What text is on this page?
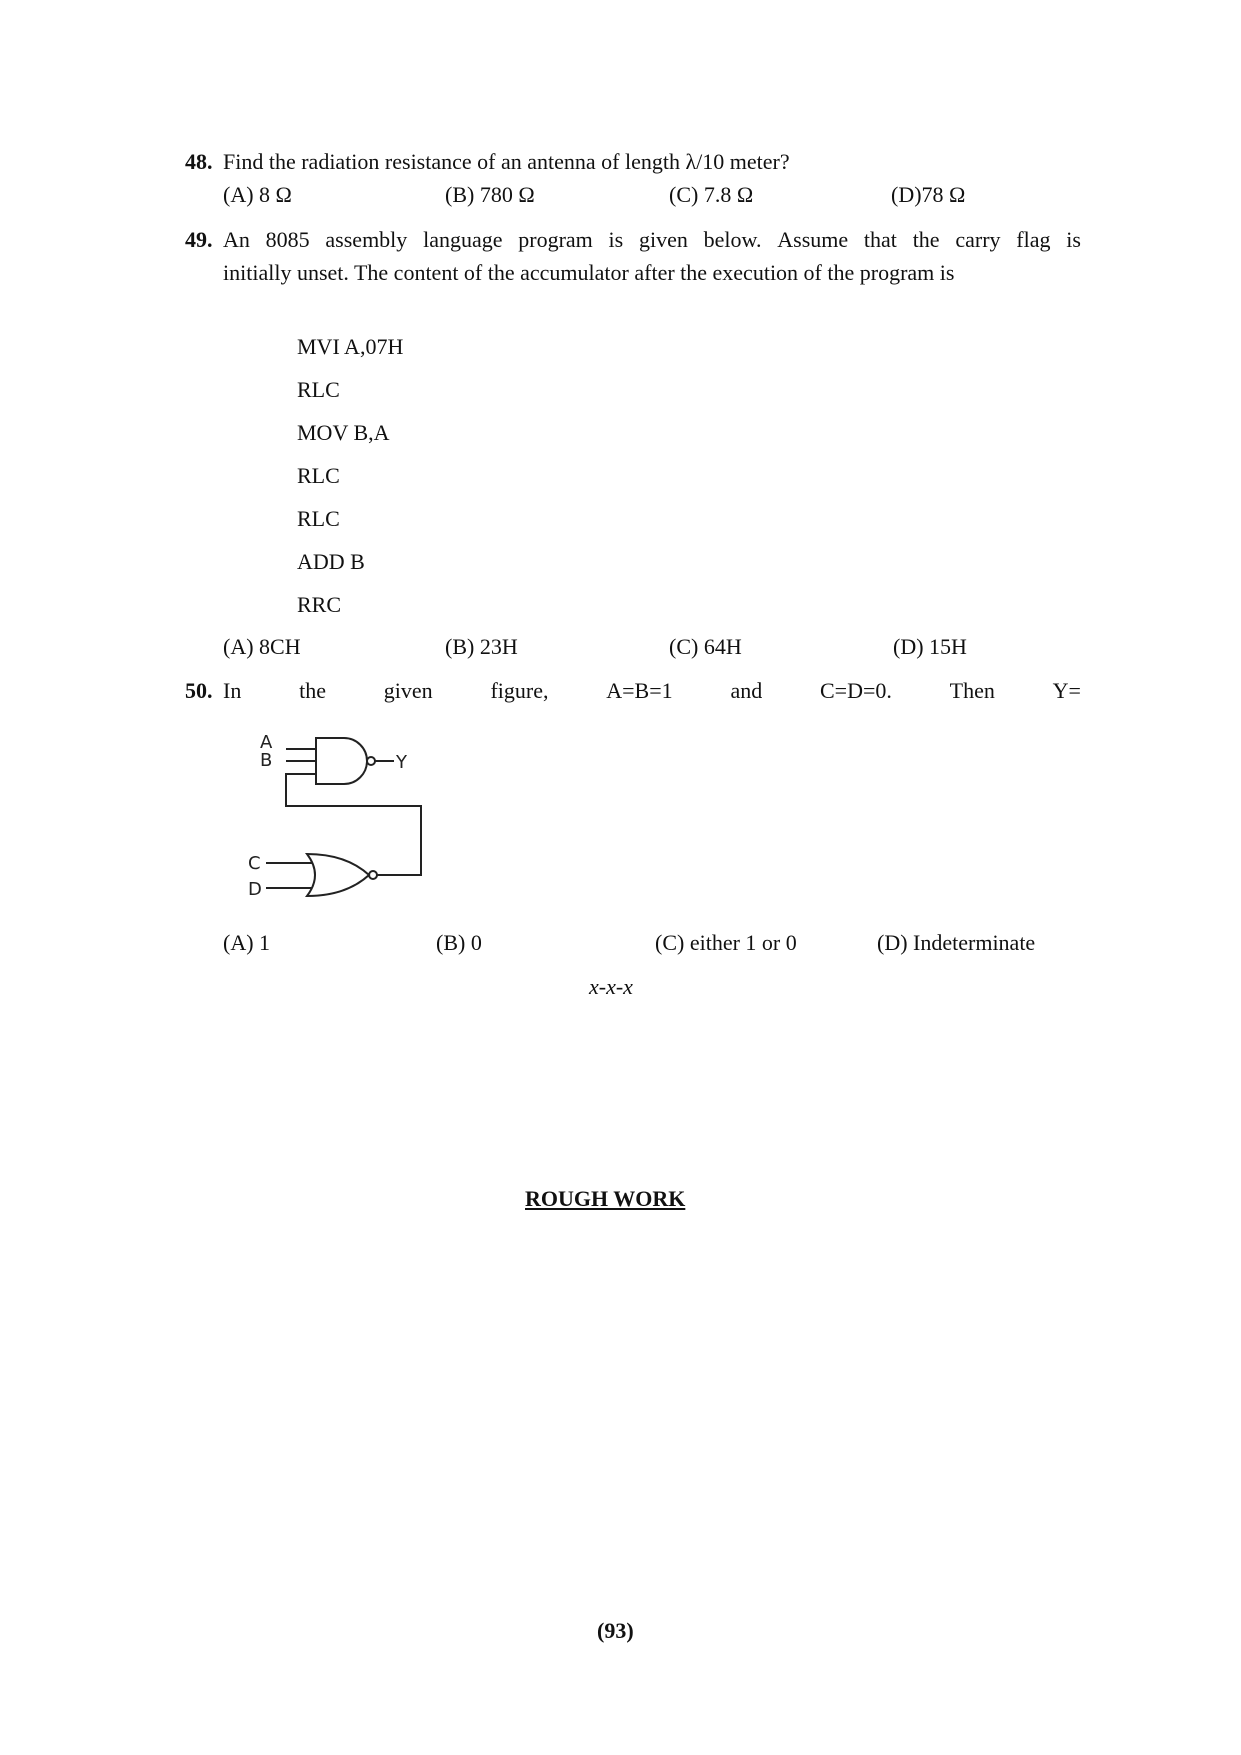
48. Find the radiation resistance of an antenna of length λ/10 meter?
(A) 8 Ω	(B) 780 Ω	(C) 7.8 Ω	(D)78 Ω
49. An 8085 assembly language program is given below. Assume that the carry flag is
initially unset. The content of the accumulator after the execution of the program is
MVI A,07H
RLC
MOV B,A
RLC
RLC
ADD B
RRC
(A) 8CH	(B) 23H	(C) 64H	(D) 15H
50. In	the	given	figure,	A=B=1	and	C=D=0.	Then	Y=
A
B	Y
C
D
(A) 1	(B) 0	(C) either 1 or 0	(D) Indeterminate
x-x-x
ROUGH WORK
(93)
